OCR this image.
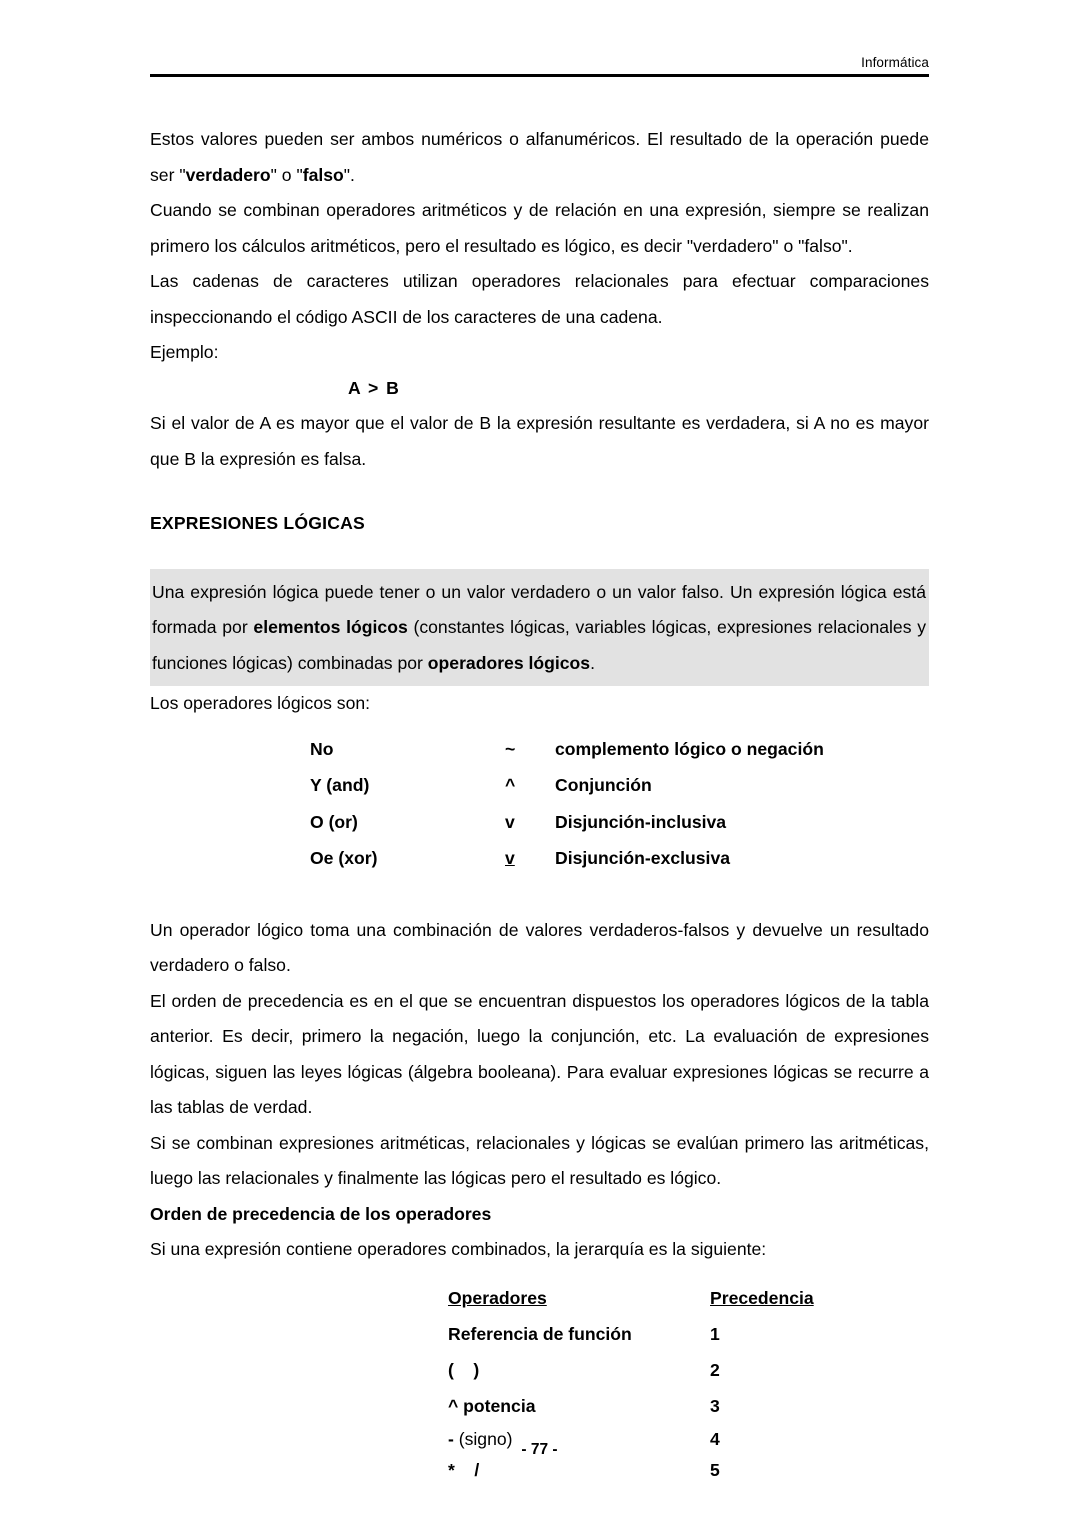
Informática

Estos valores pueden ser ambos numéricos o alfanuméricos. El resultado de la operación puede ser "verdadero" o "falso".

Cuando se combinan operadores aritméticos y de relación en una expresión, siempre se realizan primero los cálculos aritméticos, pero el resultado es lógico, es decir "verdadero" o "falso".

Las cadenas de caracteres utilizan operadores relacionales para efectuar comparaciones inspeccionando el código ASCII de los caracteres de una cadena.

Ejemplo:

A > B

Si el valor de A es mayor que el valor de B la expresión resultante es verdadera, si A no es mayor que B la expresión es falsa.

EXPRESIONES LÓGICAS

Una expresión lógica puede tener o un valor verdadero o un valor falso. Un expresión lógica está formada por elementos lógicos (constantes lógicas, variables lógicas, expresiones relacionales y funciones lógicas) combinadas por operadores lógicos.

Los operadores lógicos son:

No	~	complemento lógico o negación
Y (and)	^	Conjunción
O (or)	v	Disjunción-inclusiva
Oe (xor)	v	Disjunción-exclusiva

Un operador lógico toma una combinación de valores verdaderos-falsos y devuelve un resultado verdadero o falso.

El orden de precedencia es en el que se encuentran dispuestos los operadores lógicos de la tabla anterior. Es decir, primero la negación, luego la conjunción, etc. La evaluación de expresiones lógicas, siguen las leyes lógicas (álgebra booleana). Para evaluar expresiones lógicas se recurre a las tablas de verdad.

Si se combinan expresiones aritméticas, relacionales y lógicas se evalúan primero las aritméticas, luego las relacionales y finalmente las lógicas pero el resultado es lógico.

Orden de precedencia de los operadores

Si una expresión contiene operadores combinados, la jerarquía es la siguiente:

Operadores	Precedencia
Referencia de función	1
(    )	2
^ potencia	3
- (signo)	4
*    /	5
- 77 -
